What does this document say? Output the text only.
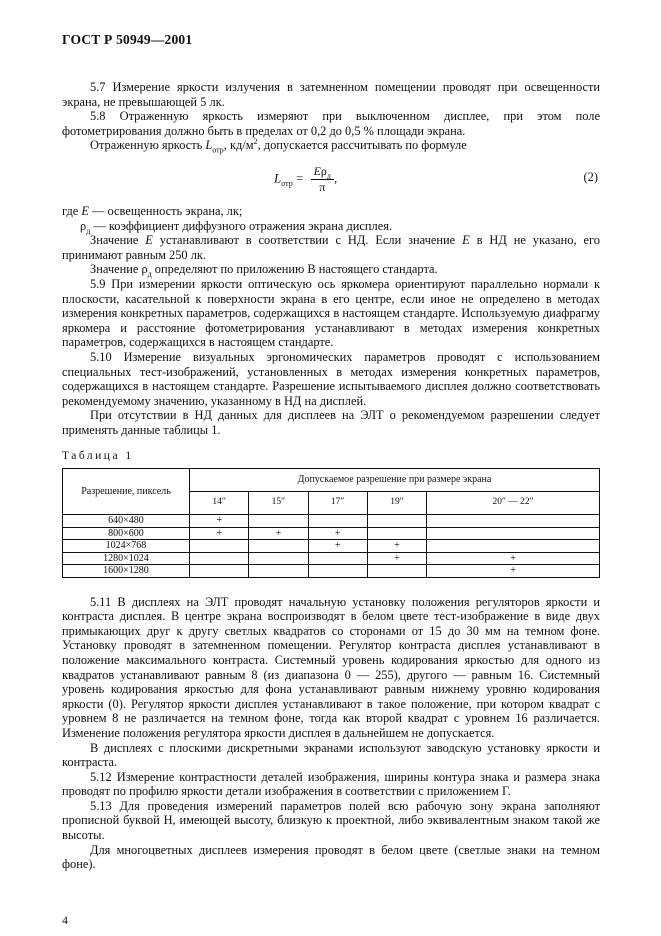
ГОСТ Р 50949—2001

5.7 Измерение яркости излучения в затемненном помещении проводят при освещенности экрана, не превышающей 5 лк.

5.8 Отраженную яркость измеряют при выключенном дисплее, при этом поле фотометрирования должно быть в пределах от 0,2 до 0,5 % площади экрана.

Отраженную яркость $L_{отр}$, $кд/м^2$, допускается рассчитывать по формуле

$L_{отр} = \frac{E\rho_д}{\pi}$ ,	(2)

где E — освещенность экрана, лк;

$\rho_д$ — коэффициент диффузного отражения экрана дисплея.

Значение E устанавливают в соответствии с НД. Если значение E в НД не указано, его принимают равным 250 лк.

Значение $\rho_д$ определяют по приложению В настоящего стандарта.

5.9 При измерении яркости оптическую ось яркомера ориентируют параллельно нормали к плоскости, касательной к поверхности экрана в его центре, если иное не определено в методах измерения конкретных параметров, содержащихся в настоящем стандарте. Используемую диафрагму яркомера и расстояние фотометрирования устанавливают в методах измерения конкретных параметров, содержащихся в настоящем стандарте.

5.10 Измерение визуальных эргономических параметров проводят с использованием специальных тест-изображений, установленных в методах измерения конкретных параметров, содержащихся в настоящем стандарте. Разрешение испытываемого дисплея должно соответствовать рекомендуемому значению, указанному в НД на дисплей.

При отсутствии в НД данных для дисплеев на ЭЛТ о рекомендуемом разрешении следует применять данные таблицы 1.

Таблица 1
Разрешение, пиксель	Допускаемое разрешение при размере экрана				
	14″	15″	17″	19″	20″ — 22″
640×480	+				
800×600	+	+	+		
1024×768			+	+	
1280×1024				+	+
1600×1280					+

5.11 В дисплеях на ЭЛТ проводят начальную установку положения регуляторов яркости и контраста дисплея. В центре экрана воспроизводят в белом цвете тест-изображение в виде двух примыкающих друг к другу светлых квадратов со сторонами от 15 до 30 мм на темном фоне. Установку проводят в затемненном помещении. Регулятор контраста дисплея устанавливают в положение максимального контраста. Системный уровень кодирования яркостью для одного из квадратов устанавливают равным 8 (из диапазона 0 — 255), другого — равным 16. Системный уровень кодирования яркостью для фона устанавливают равным нижнему уровню кодирования яркости (0). Регулятор яркости дисплея устанавливают в такое положение, при котором квадрат с уровнем 8 не различается на темном фоне, тогда как второй квадрат с уровнем 16 различается. Изменение положения регулятора яркости дисплея в дальнейшем не допускается.

В дисплеях с плоскими дискретными экранами используют заводскую установку яркости и контраста.

5.12 Измерение контрастности деталей изображения, ширины контура знака и размера знака проводят по профилю яркости детали изображения в соответствии с приложением Г.

5.13 Для проведения измерений параметров полей всю рабочую зону экрана заполняют прописной буквой Н, имеющей высоту, близкую к проектной, либо эквивалентным знаком такой же высоты.

Для многоцветных дисплеев измерения проводят в белом цвете (светлые знаки на темном фоне).

4
